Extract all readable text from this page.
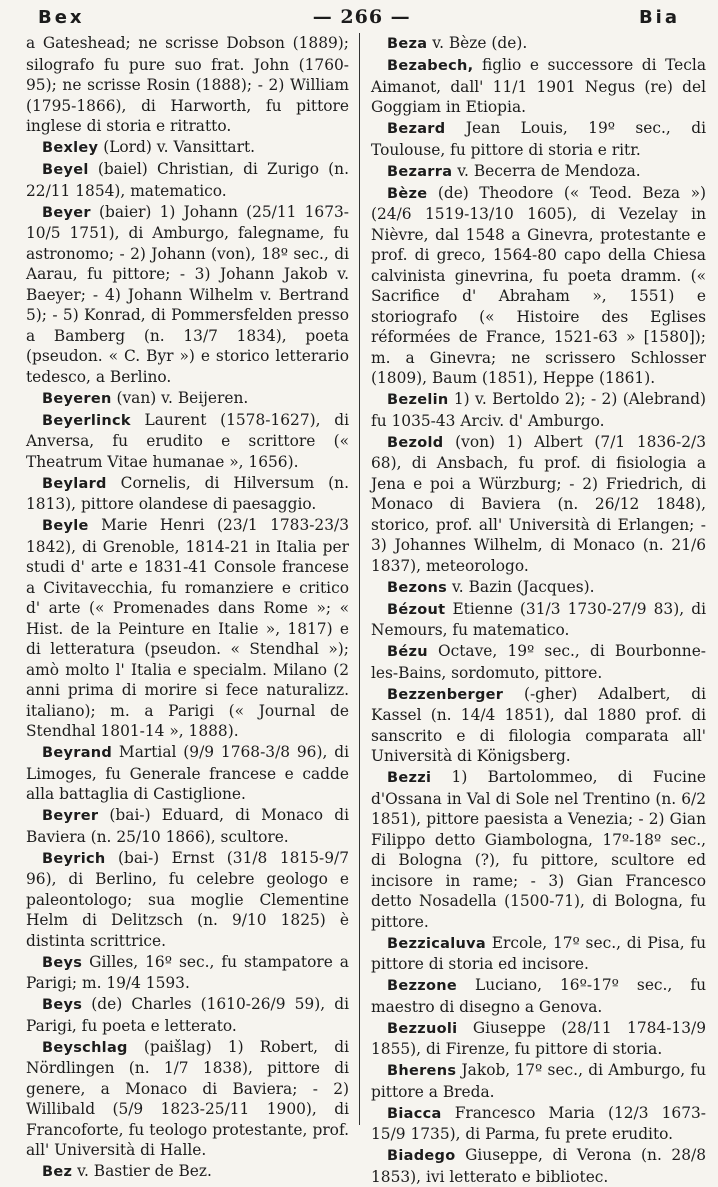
Bex	— 266 —	Bia

a Gateshead; ne scrisse Dobson (1889); silografo fu pure suo frat. John (1760-95); ne scrisse Rosin (1888); - 2) William (1795-1866), di Harworth, fu pittore inglese di storia e ritratto.

Bexley (Lord) v. Vansittart.

Beyel (baiel) Christian, di Zurigo (n. 22/11 1854), matematico.

Beyer (baier) 1) Johann (25/11 1673-10/5 1751), di Amburgo, falegname, fu astronomo; - 2) Johann (von), 18º sec., di Aarau, fu pittore; - 3) Johann Jakob v. Baeyer; - 4) Johann Wilhelm v. Bertrand 5); - 5) Konrad, di Pommersfelden presso a Bamberg (n. 13/7 1834), poeta (pseudon. « C. Byr ») e storico letterario tedesco, a Berlino.

Beyeren (van) v. Beijeren.

Beyerlinck Laurent (1578-1627), di Anversa, fu erudito e scrittore (« Theatrum Vitae humanae », 1656).

Beylard Cornelis, di Hilversum (n. 1813), pittore olandese di paesaggio.

Beyle Marie Henri (23/1 1783-23/3 1842), di Grenoble, 1814-21 in Italia per studi d' arte e 1831-41 Console francese a Civitavecchia, fu romanziere e critico d' arte (« Promenades dans Rome »; « Hist. de la Peinture en Italie », 1817) e di letteratura (pseudon. « Stendhal »); amò molto l' Italia e specialm. Milano (2 anni prima di morire si fece naturalizz. italiano); m. a Parigi (« Journal de Stendhal 1801-14 », 1888).

Beyrand Martial (9/9 1768-3/8 96), di Limoges, fu Generale francese e cadde alla battaglia di Castiglione.

Beyrer (bai-) Eduard, di Monaco di Baviera (n. 25/10 1866), scultore.

Beyrich (bai-) Ernst (31/8 1815-9/7 96), di Berlino, fu celebre geologo e paleontologo; sua moglie Clementine Helm di Delitzsch (n. 9/10 1825) è distinta scrittrice.

Beys Gilles, 16º sec., fu stampatore a Parigi; m. 19/4 1593.

Beys (de) Charles (1610-26/9 59), di Parigi, fu poeta e letterato.

Beyschlag (paišlag) 1) Robert, di Nördlingen (n. 1/7 1838), pittore di genere, a Monaco di Baviera; - 2) Willibald (5/9 1823-25/11 1900), di Francoforte, fu teologo protestante, prof. all' Università di Halle.

Bez v. Bastier de Bez.

Beza v. Bèze (de).

Bezabech, figlio e successore di Tecla Aimanot, dall' 11/1 1901 Negus (re) del Goggiam in Etiopia.

Bezard Jean Louis, 19º sec., di Toulouse, fu pittore di storia e ritr.

Bezarra v. Becerra de Mendoza.

Bèze (de) Theodore (« Teod. Beza ») (24/6 1519-13/10 1605), di Vezelay in Nièvre, dal 1548 a Ginevra, protestante e prof. di greco, 1564-80 capo della Chiesa calvinista ginevrina, fu poeta dramm. (« Sacrifice d' Abraham », 1551) e storiografo (« Histoire des Eglises réformées de France, 1521-63 » [1580]); m. a Ginevra; ne scrissero Schlosser (1809), Baum (1851), Heppe (1861).

Bezelin 1) v. Bertoldo 2); - 2) (Alebrand) fu 1035-43 Arciv. d' Amburgo.

Bezold (von) 1) Albert (7/1 1836-2/3 68), di Ansbach, fu prof. di fisiologia a Jena e poi a Würzburg; - 2) Friedrich, di Monaco di Baviera (n. 26/12 1848), storico, prof. all' Università di Erlangen; - 3) Johannes Wilhelm, di Monaco (n. 21/6 1837), meteorologo.

Bezons v. Bazin (Jacques).

Bézout Etienne (31/3 1730-27/9 83), di Nemours, fu matematico.

Bézu Octave, 19º sec., di Bourbonne-les-Bains, sordomuto, pittore.

Bezzenberger (-gher) Adalbert, di Kassel (n. 14/4 1851), dal 1880 prof. di sanscrito e di filologia comparata all' Università di Königsberg.

Bezzi 1) Bartolommeo, di Fucine d'Ossana in Val di Sole nel Trentino (n. 6/2 1851), pittore paesista a Venezia; - 2) Gian Filippo detto Giambologna, 17º-18º sec., di Bologna (?), fu pittore, scultore ed incisore in rame; - 3) Gian Francesco detto Nosadella (1500-71), di Bologna, fu pittore.

Bezzicaluva Ercole, 17º sec., di Pisa, fu pittore di storia ed incisore.

Bezzone Luciano, 16º-17º sec., fu maestro di disegno a Genova.

Bezzuoli Giuseppe (28/11 1784-13/9 1855), di Firenze, fu pittore di storia.

Bherens Jakob, 17º sec., di Amburgo, fu pittore a Breda.

Biacca Francesco Maria (12/3 1673-15/9 1735), di Parma, fu prete erudito.

Biadego Giuseppe, di Verona (n. 28/8 1853), ivi letterato e bibliotec.
